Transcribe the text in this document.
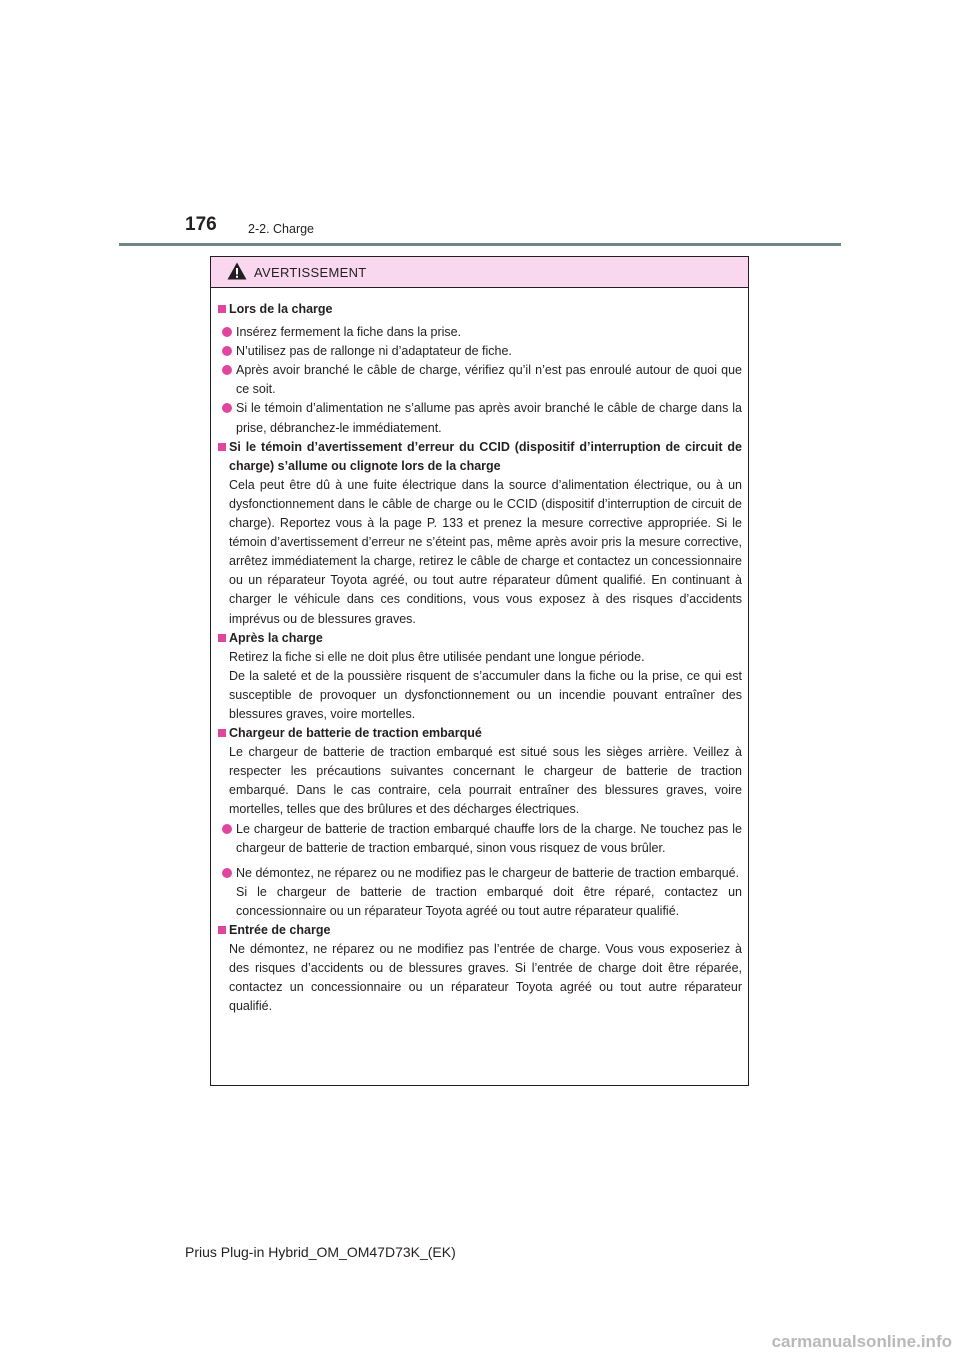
176	2-2. Charge
AVERTISSEMENT

Lors de la charge

Insérez fermement la fiche dans la prise.

N’utilisez pas de rallonge ni d’adaptateur de fiche.

Après avoir branché le câble de charge, vérifiez qu’il n’est pas enroulé autour de quoi que ce soit.

Si le témoin d’alimentation ne s’allume pas après avoir branché le câble de charge dans la prise, débranchez-le immédiatement.

Si le témoin d’avertissement d’erreur du CCID (dispositif d’interruption de circuit de charge) s’allume ou clignote lors de la charge

Cela peut être dû à une fuite électrique dans la source d’alimentation électrique, ou à un dysfonctionnement dans le câble de charge ou le CCID (dispositif d’interruption de circuit de charge). Reportez vous à la page P. 133 et prenez la mesure corrective appropriée. Si le témoin d’avertissement d’erreur ne s’éteint pas, même après avoir pris la mesure corrective, arrêtez immédiatement la charge, retirez le câble de charge et contactez un concessionnaire ou un réparateur Toyota agréé, ou tout autre réparateur dûment qualifié. En continuant à charger le véhicule dans ces conditions, vous vous exposez à des risques d’accidents imprévus ou de blessures graves.

Après la charge

Retirez la fiche si elle ne doit plus être utilisée pendant une longue période.

De la saleté et de la poussière risquent de s’accumuler dans la fiche ou la prise, ce qui est susceptible de provoquer un dysfonctionnement ou un incendie pouvant entraîner des blessures graves, voire mortelles.

Chargeur de batterie de traction embarqué

Le chargeur de batterie de traction embarqué est situé sous les sièges arrière. Veillez à respecter les précautions suivantes concernant le chargeur de batterie de traction embarqué. Dans le cas contraire, cela pourrait entraîner des blessures graves, voire mortelles, telles que des brûlures et des décharges électriques.

Le chargeur de batterie de traction embarqué chauffe lors de la charge. Ne touchez pas le chargeur de batterie de traction embarqué, sinon vous risquez de vous brûler.

Ne démontez, ne réparez ou ne modifiez pas le chargeur de batterie de traction embarqué.

Si le chargeur de batterie de traction embarqué doit être réparé, contactez un concessionnaire ou un réparateur Toyota agréé ou tout autre réparateur qualifié.

Entrée de charge

Ne démontez, ne réparez ou ne modifiez pas l’entrée de charge. Vous vous exposeriez à des risques d’accidents ou de blessures graves. Si l’entrée de charge doit être réparée, contactez un concessionnaire ou un réparateur Toyota agréé ou tout autre réparateur qualifié.

Prius Plug-in Hybrid_OM_OM47D73K_(EK)
carmanualsonline.info
